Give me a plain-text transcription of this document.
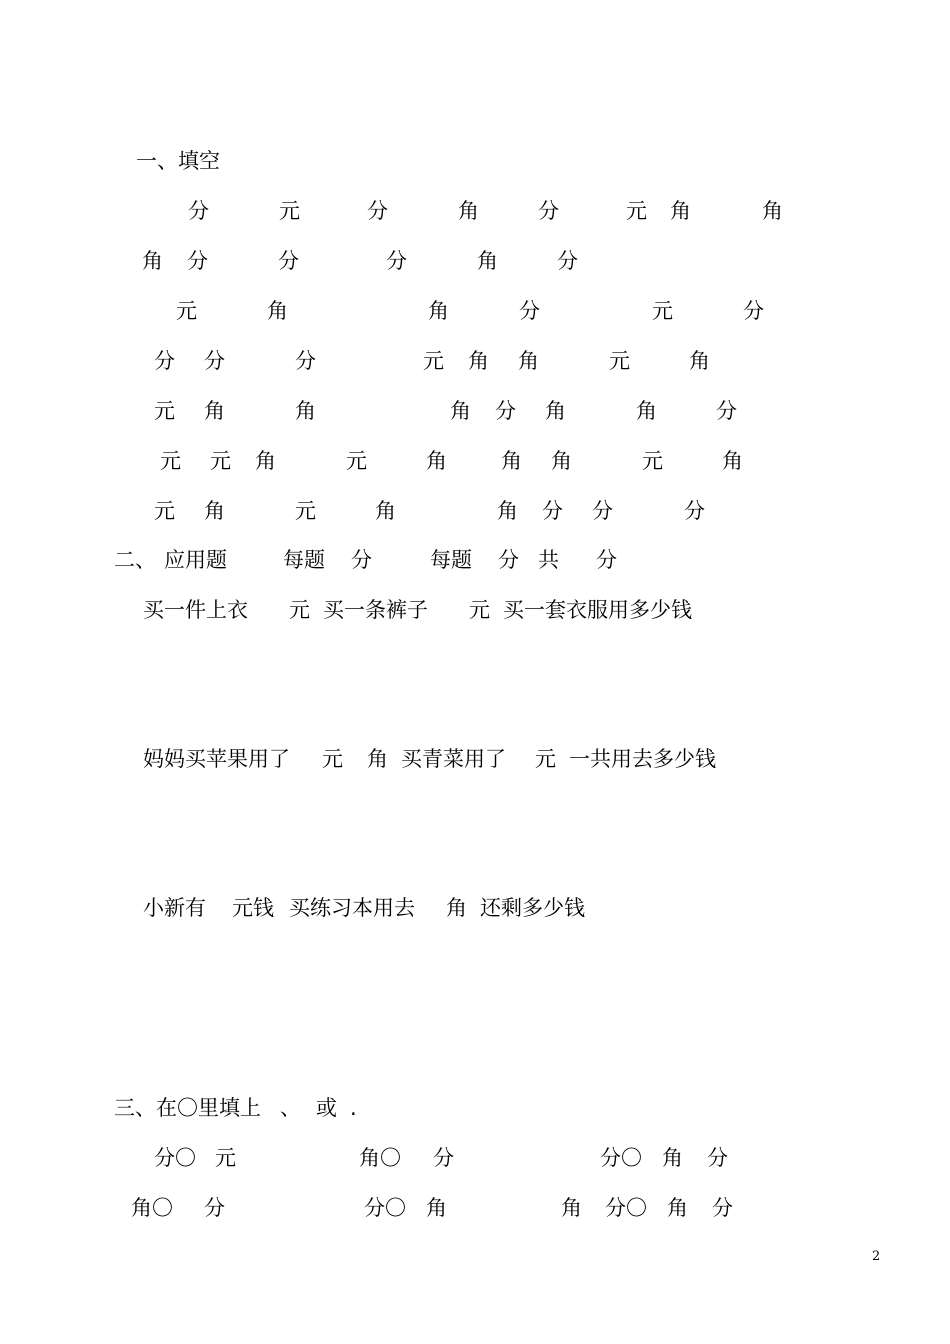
一、填空
分	元	分	角	分	元 角	角
角 分	分	分	角	分
元	角	角	分	元	分
分 分	分	元 角 角	元	角
元 角	角	角 分 角	角	分
元 元 角	元	角	角 角	元	角
元 角	元	角	角 分 分	分
二、 应用题	每题 分	每题 分 共 分
买一件上衣 元 买一条裤子 元 买一套衣服用多少钱
妈妈买苹果用了 元 角 买青菜用了 元 一共用去多少钱
小新有 元钱 买练习本用去 角 还剩多少钱
三、在〇里填上 、 或 .
分〇 元	角〇 分	分〇 角 分
角〇 分	分〇 角	角 分〇 角 分
2
